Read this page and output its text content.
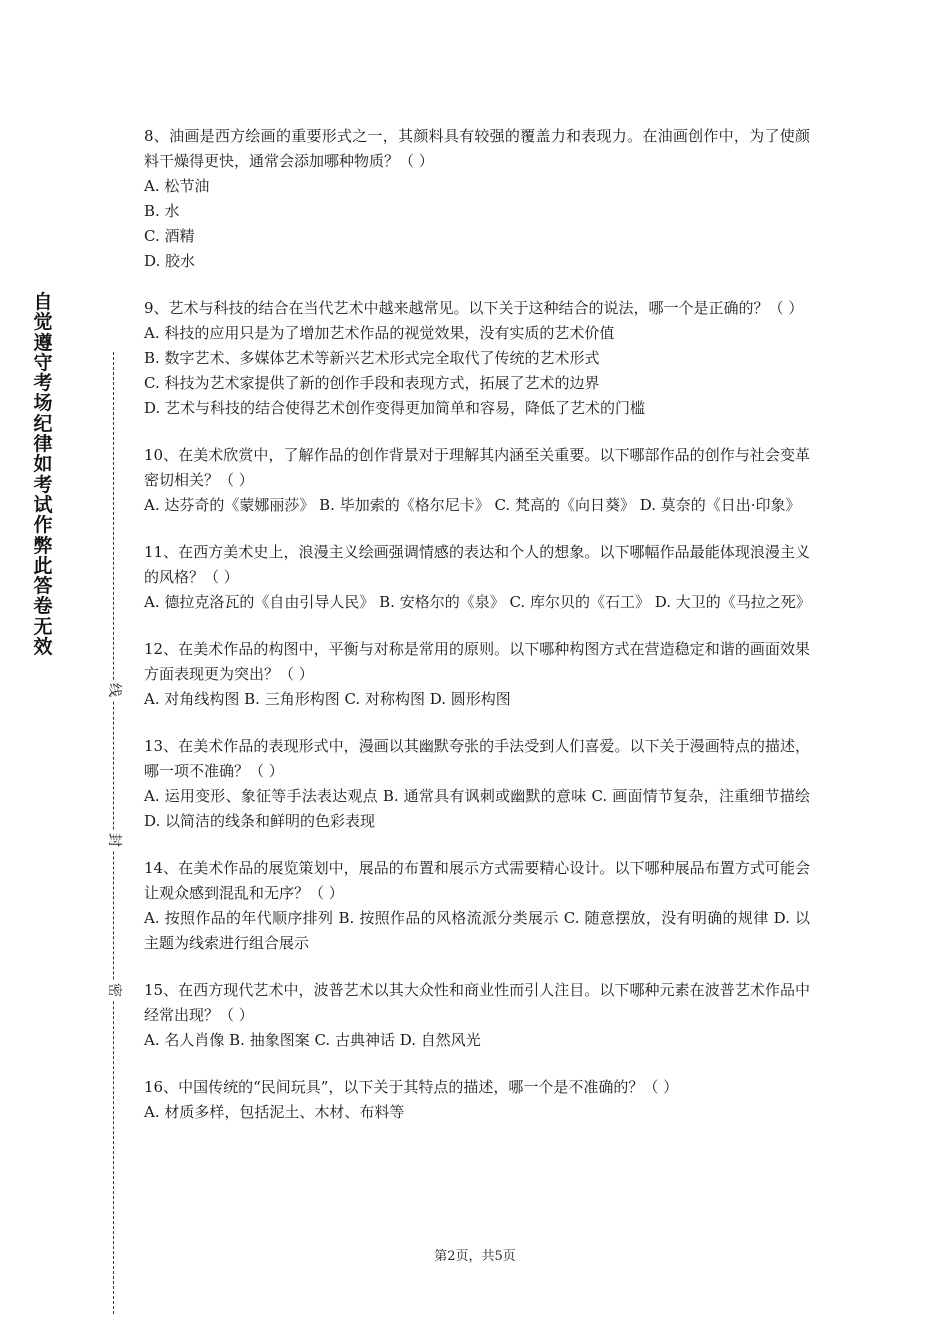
自觉遵守考场纪律如考试作弊此答卷无效
线
封
密

8、油画是西方绘画的重要形式之一，其颜料具有较强的覆盖力和表现力。在油画创作中，为了使颜料干燥得更快，通常会添加哪种物质？（ ）

A. 松节油

B. 水

C. 酒精

D. 胶水

9、艺术与科技的结合在当代艺术中越来越常见。以下关于这种结合的说法，哪一个是正确的？（ ）

A. 科技的应用只是为了增加艺术作品的视觉效果，没有实质的艺术价值

B. 数字艺术、多媒体艺术等新兴艺术形式完全取代了传统的艺术形式

C. 科技为艺术家提供了新的创作手段和表现方式，拓展了艺术的边界

D. 艺术与科技的结合使得艺术创作变得更加简单和容易，降低了艺术的门槛

10、在美术欣赏中，了解作品的创作背景对于理解其内涵至关重要。以下哪部作品的创作与社会变革密切相关？（ ）

A. 达芬奇的《蒙娜丽莎》 B. 毕加索的《格尔尼卡》 C. 梵高的《向日葵》 D. 莫奈的《日出·印象》

11、在西方美术史上，浪漫主义绘画强调情感的表达和个人的想象。以下哪幅作品最能体现浪漫主义的风格？（ ）

A. 德拉克洛瓦的《自由引导人民》 B. 安格尔的《泉》 C. 库尔贝的《石工》 D. 大卫的《马拉之死》

12、在美术作品的构图中，平衡与对称是常用的原则。以下哪种构图方式在营造稳定和谐的画面效果方面表现更为突出？（ ）

A. 对角线构图 B. 三角形构图 C. 对称构图 D. 圆形构图

13、在美术作品的表现形式中，漫画以其幽默夸张的手法受到人们喜爱。以下关于漫画特点的描述，哪一项不准确？（ ）

A. 运用变形、象征等手法表达观点 B. 通常具有讽刺或幽默的意味 C. 画面情节复杂，注重细节描绘 D. 以简洁的线条和鲜明的色彩表现

14、在美术作品的展览策划中，展品的布置和展示方式需要精心设计。以下哪种展品布置方式可能会让观众感到混乱和无序？（ ）

A. 按照作品的年代顺序排列 B. 按照作品的风格流派分类展示 C. 随意摆放，没有明确的规律 D. 以主题为线索进行组合展示

15、在西方现代艺术中，波普艺术以其大众性和商业性而引人注目。以下哪种元素在波普艺术作品中经常出现？（ ）

A. 名人肖像 B. 抽象图案 C. 古典神话 D. 自然风光

16、中国传统的“民间玩具”，以下关于其特点的描述，哪一个是不准确的？（ ）

A. 材质多样，包括泥土、木材、布料等

第2页，共5页
